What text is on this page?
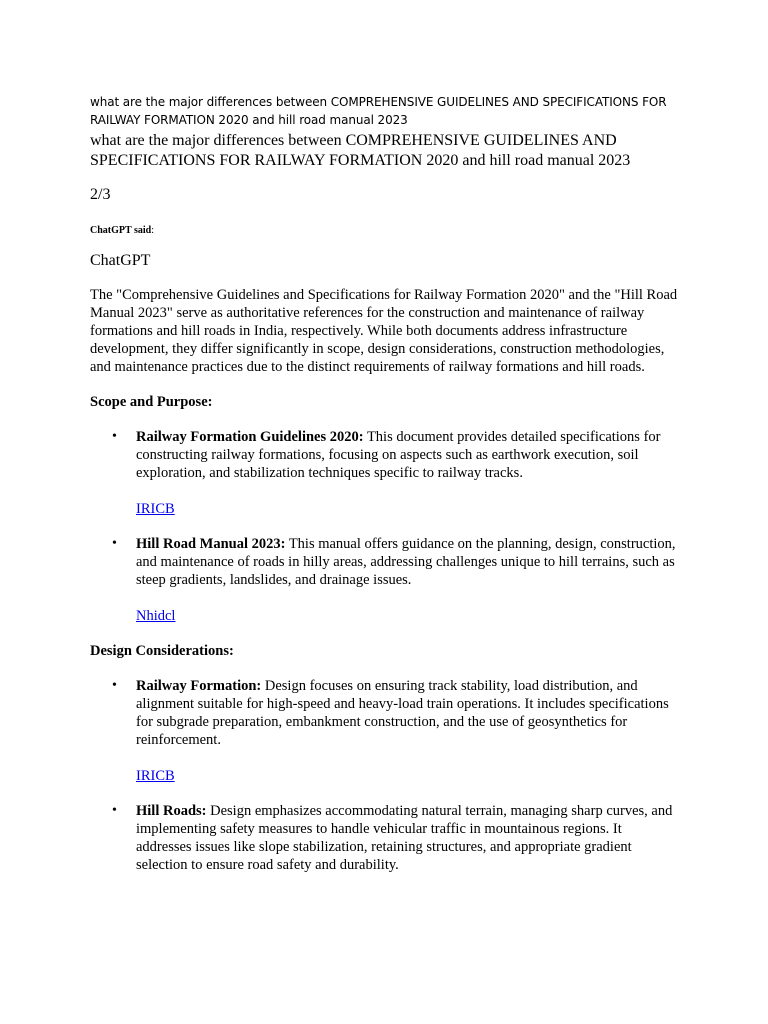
what are the major differences between COMPREHENSIVE GUIDELINES AND SPECIFICATIONS FOR RAILWAY FORMATION 2020 and hill road manual 2023

what are the major differences between COMPREHENSIVE GUIDELINES AND SPECIFICATIONS FOR RAILWAY FORMATION 2020 and hill road manual 2023

2/3

ChatGPT said:

ChatGPT

The "Comprehensive Guidelines and Specifications for Railway Formation 2020" and the "Hill Road Manual 2023" serve as authoritative references for the construction and maintenance of railway formations and hill roads in India, respectively. While both documents address infrastructure development, they differ significantly in scope, design considerations, construction methodologies, and maintenance practices due to the distinct requirements of railway formations and hill roads.

Scope and Purpose:

• Railway Formation Guidelines 2020: This document provides detailed specifications for constructing railway formations, focusing on aspects such as earthwork execution, soil exploration, and stabilization techniques specific to railway tracks.
IRICB
• Hill Road Manual 2023: This manual offers guidance on the planning, design, construction, and maintenance of roads in hilly areas, addressing challenges unique to hill terrains, such as steep gradients, landslides, and drainage issues.
Nhidcl

Design Considerations:

• Railway Formation: Design focuses on ensuring track stability, load distribution, and alignment suitable for high-speed and heavy-load train operations. It includes specifications for subgrade preparation, embankment construction, and the use of geosynthetics for reinforcement.
IRICB
• Hill Roads: Design emphasizes accommodating natural terrain, managing sharp curves, and implementing safety measures to handle vehicular traffic in mountainous regions. It addresses issues like slope stabilization, retaining structures, and appropriate gradient selection to ensure road safety and durability.
